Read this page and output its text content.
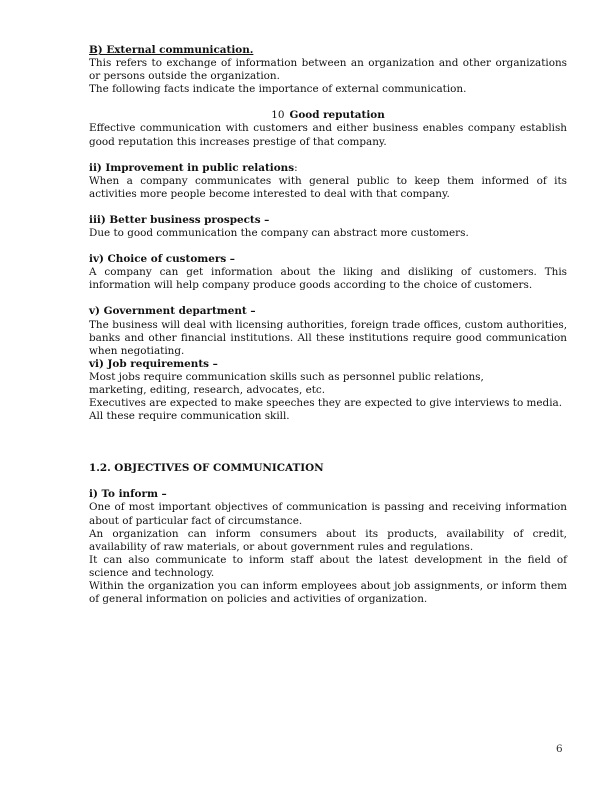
B) External communication.

This refers to exchange of information between an organization and other organizations or persons outside the organization.

The following facts indicate the importance of external communication.

10 Good reputation

Effective communication with customers and either business enables company establish good reputation this increases prestige of that company.

ii) Improvement in public relations:

When a company communicates with general public to keep them informed of its activities more people become interested to deal with that company.

iii) Better business prospects –

Due to good communication the company can abstract more customers.

iv) Choice of customers –

A company can get information about the liking and disliking of customers. This information will help company produce goods according to the choice of customers.

v) Government department –

The business will deal with licensing authorities, foreign trade offices, custom authorities, banks and other financial institutions. All these institutions require good communication when negotiating.

vi) Job requirements –

Most jobs require communication skills such as personnel public relations,

marketing, editing, research, advocates, etc.

Executives are expected to make speeches they are expected to give interviews to media. All these require communication skill.

1.2. OBJECTIVES OF COMMUNICATION

i) To inform –

One of most important objectives of communication is passing and receiving information about of particular fact of circumstance.

An organization can inform consumers about its products, availability of credit, availability of raw materials, or about government rules and regulations.

It can also communicate to inform staff about the latest development in the field of science and technology.

Within the organization you can inform employees about job assignments, or inform them of general information on policies and activities of organization.

6
